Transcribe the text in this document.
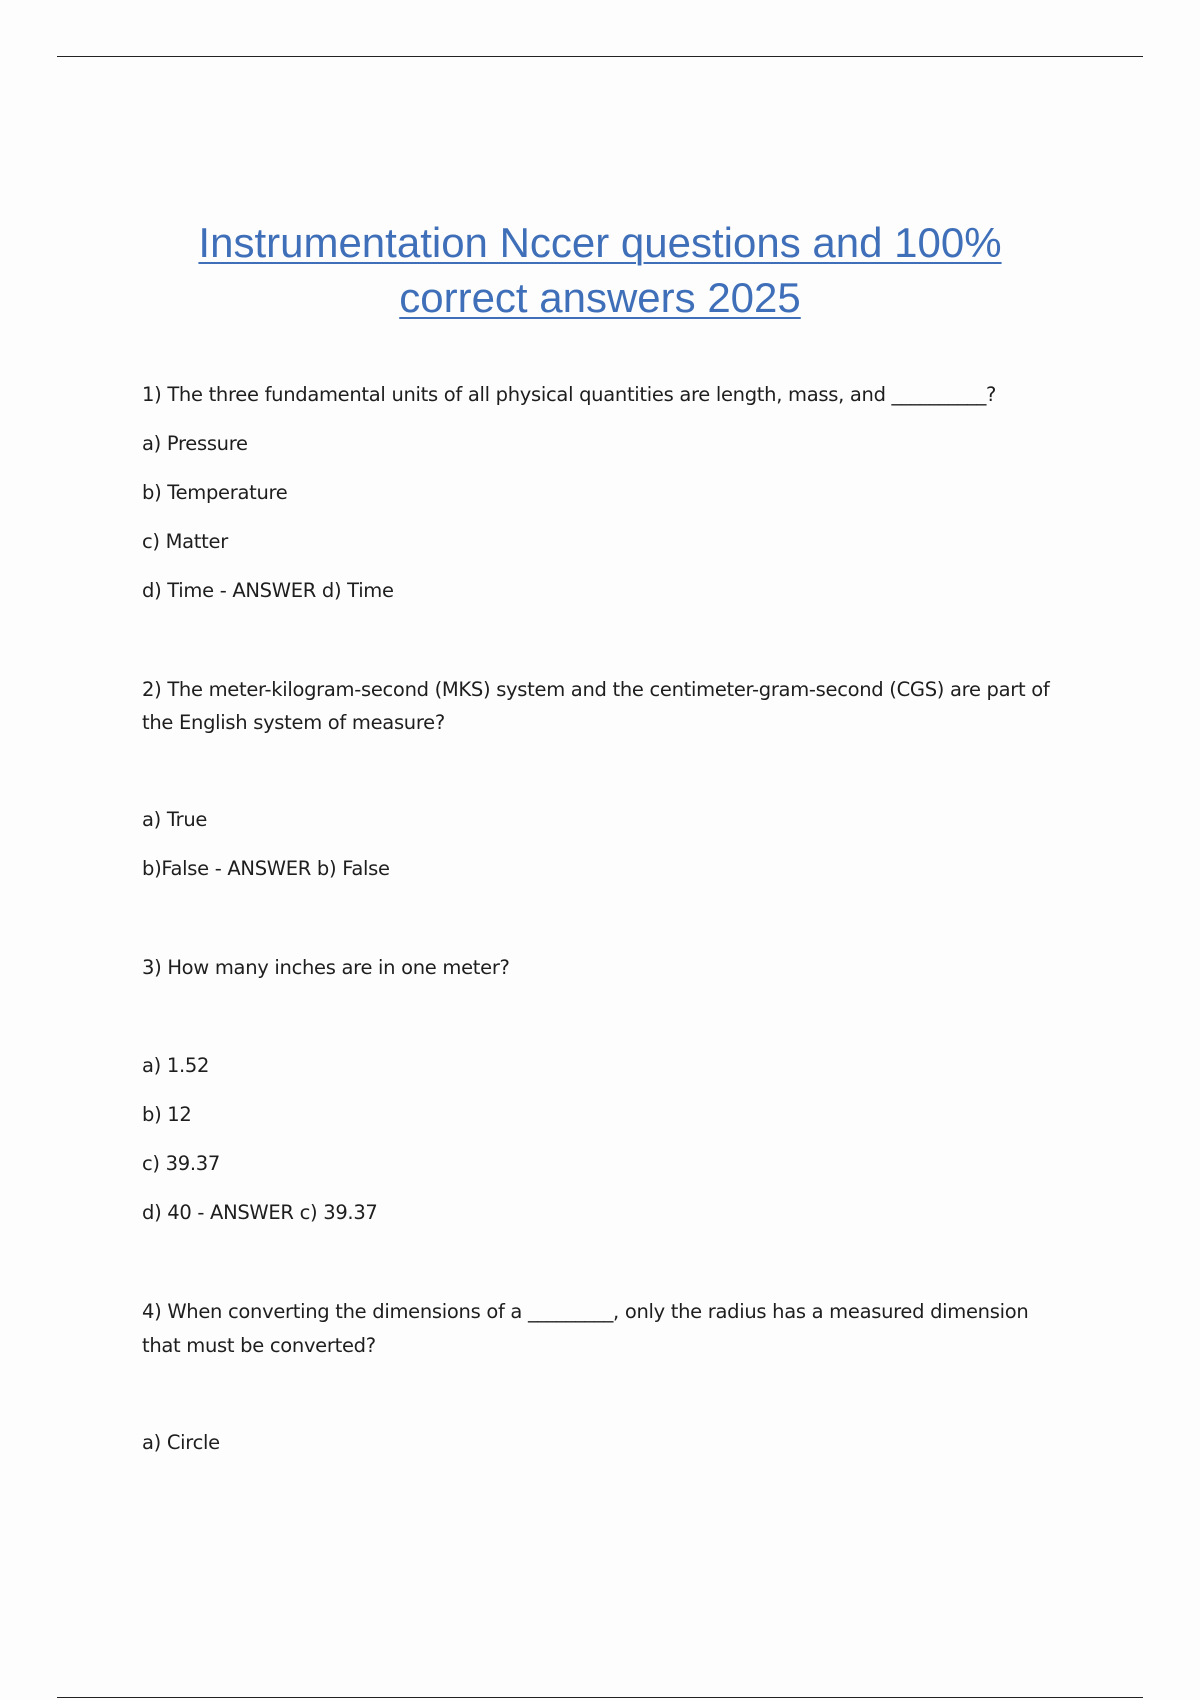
Instrumentation Nccer questions and 100%
correct answers 2025
1) The three fundamental units of all physical quantities are length, mass, and __________?
a) Pressure
b) Temperature
c) Matter
d) Time - ANSWER d) Time
2) The meter-kilogram-second (MKS) system and the centimeter-gram-second (CGS) are part of
the English system of measure?
a) True
b)False - ANSWER b) False
3) How many inches are in one meter?
a) 1.52
b) 12
c) 39.37
d) 40 - ANSWER c) 39.37
4) When converting the dimensions of a _________, only the radius has a measured dimension
that must be converted?
a) Circle
